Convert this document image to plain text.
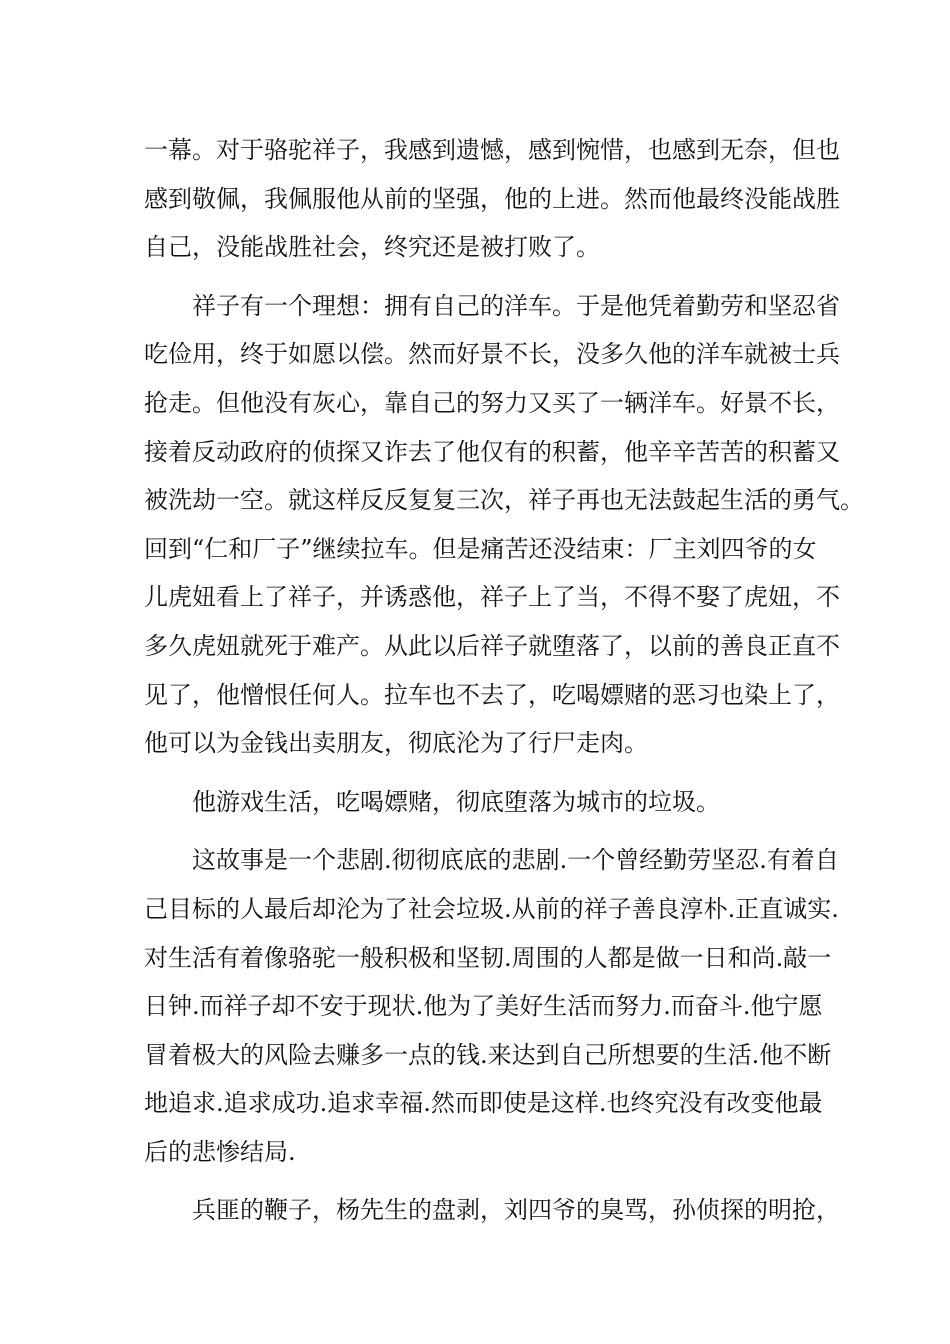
一幕。对于骆驼祥子，我感到遗憾，感到惋惜，也感到无奈，但也
感到敬佩，我佩服他从前的坚强，他的上进。然而他最终没能战胜
自己，没能战胜社会，终究还是被打败了。
祥子有一个理想：拥有自己的洋车。于是他凭着勤劳和坚忍省
吃俭用，终于如愿以偿。然而好景不长，没多久他的洋车就被士兵
抢走。但他没有灰心，靠自己的努力又买了一辆洋车。好景不长，
接着反动政府的侦探又诈去了他仅有的积蓄，他辛辛苦苦的积蓄又
被洗劫一空。就这样反反复复三次，祥子再也无法鼓起生活的勇气。
回到“仁和厂子”继续拉车。但是痛苦还没结束：厂主刘四爷的女
儿虎妞看上了祥子，并诱惑他，祥子上了当，不得不娶了虎妞，不
多久虎妞就死于难产。从此以后祥子就堕落了，以前的善良正直不
见了，他憎恨任何人。拉车也不去了，吃喝嫖赌的恶习也染上了，
他可以为金钱出卖朋友，彻底沦为了行尸走肉。
他游戏生活，吃喝嫖赌，彻底堕落为城市的垃圾。
这故事是一个悲剧.彻彻底底的悲剧.一个曾经勤劳坚忍.有着自
己目标的人最后却沦为了社会垃圾.从前的祥子善良淳朴.正直诚实.
对生活有着像骆驼一般积极和坚韧.周围的人都是做一日和尚.敲一
日钟.而祥子却不安于现状.他为了美好生活而努力.而奋斗.他宁愿
冒着极大的风险去赚多一点的钱.来达到自己所想要的生活.他不断
地追求.追求成功.追求幸福.然而即使是这样.也终究没有改变他最
后的悲惨结局.
兵匪的鞭子，杨先生的盘剥，刘四爷的臭骂，孙侦探的明抢，
